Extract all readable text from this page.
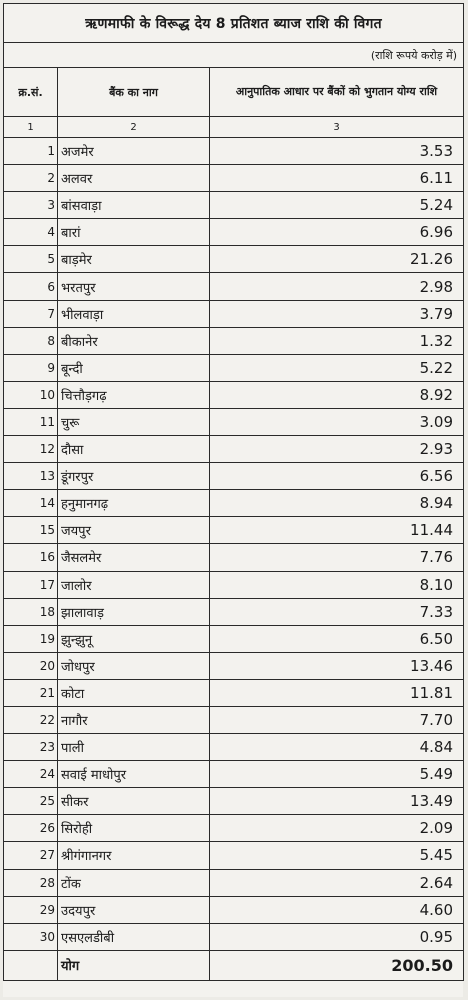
ऋणमाफी के विरूद्ध देय 8 प्रतिशत ब्याज राशि की विगत		
(राशि रूपये करोड़ में)		
क्र.सं.	बैंक का नाग	आनुपातिक आधार पर बैंकों को भुगतान योग्य राशि
1	2	3
1	अजमेर	3.53
2	अलवर	6.11
3	बांसवाड़ा	5.24
4	बारां	6.96
5	बाड़मेर	21.26
6	भरतपुर	2.98
7	भीलवाड़ा	3.79
8	बीकानेर	1.32
9	बून्दी	5.22
10	चित्तौड़गढ़	8.92
11	चुरू	3.09
12	दौसा	2.93
13	डूंगरपुर	6.56
14	हनुमानगढ़	8.94
15	जयपुर	11.44
16	जैसलमेर	7.76
17	जालोर	8.10
18	झालावाड़	7.33
19	झुन्झुनू	6.50
20	जोधपुर	13.46
21	कोटा	11.81
22	नागौर	7.70
23	पाली	4.84
24	सवाई माधोपुर	5.49
25	सीकर	13.49
26	सिरोही	2.09
27	श्रीगंगानगर	5.45
28	टोंक	2.64
29	उदयपुर	4.60
30	एसएलडीबी	0.95
	योग	200.50
